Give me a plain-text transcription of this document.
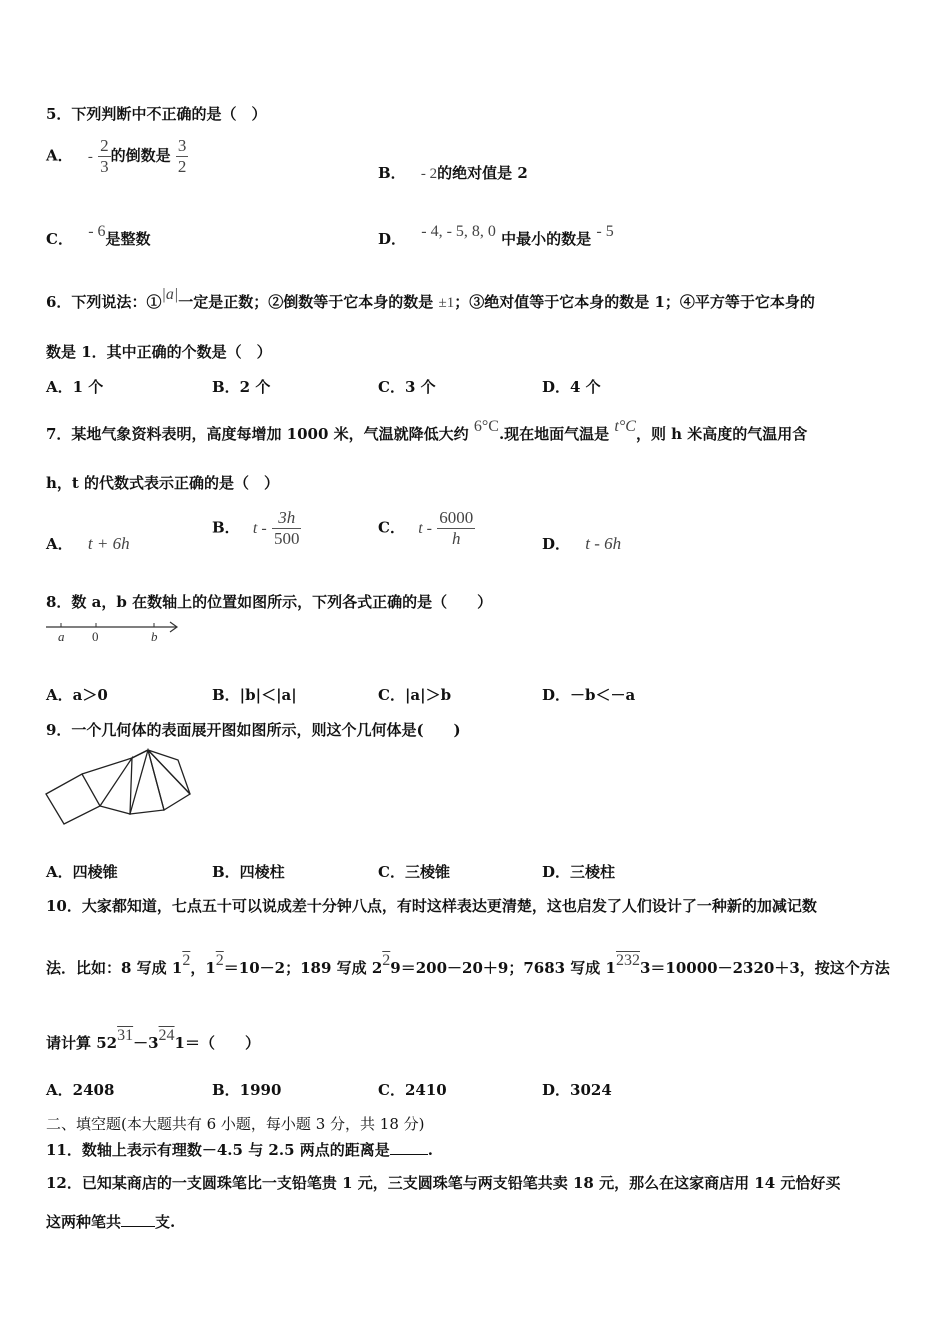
5．下列判断中不正确的是（　）
A． - $\frac{2}{3}$ 的倒数是 $\frac{3}{2}$	B． - 2的绝对值是 2
C． - 6是整数	D． - 4, - 5, 8, 0 中最小的数是 - 5
6．下列说法：①|a|一定是正数；②倒数等于它本身的数是 ±1；③绝对值等于它本身的数是 1；④平方等于它本身的
数是 1．其中正确的个数是（　）
A．1 个	B．2 个	C．3 个	D．4 个
7．某地气象资料表明，高度每增加 1000 米，气温就降低大约 6°C.现在地面气温是 t°C，则 h 米高度的气温用含
h，t 的代数式表示正确的是（　）
A． t + 6h
B． t - $\frac{3h}{500}$	C． t - $\frac{6000}{h}$	D． t - 6h
8．数 a，b 在数轴上的位置如图所示，下列各式正确的是（　　）
a 0	b
A．a＞0	B．|b|＜|a|	C．|a|＞b	D．－b＜－a
9．一个几何体的表面展开图如图所示，则这个几何体是(　　)
A．四棱锥	B．四棱柱	C．三棱锥	D．三棱柱
10．大家都知道，七点五十可以说成差十分钟八点，有时这样表达更清楚，这也启发了人们设计了一种新的加减记数
法．比如：8 写成 12，12＝10－2；189 写成 229＝200－20＋9；7683 写成 12323＝10000－2320＋3，按这个方法
请计算 5231－3241＝（　　）
A．2408	B．1990	C．2410	D．3024
二、填空题(本大题共有 6 小题，每小题 3 分，共 18 分)
11．数轴上表示有理数－4.5 与 2.5 两点的距离是	.
12．已知某商店的一支圆珠笔比一支铅笔贵 1 元，三支圆珠笔与两支铅笔共卖 18 元，那么在这家商店用 14 元恰好买
这两种笔共 支.
